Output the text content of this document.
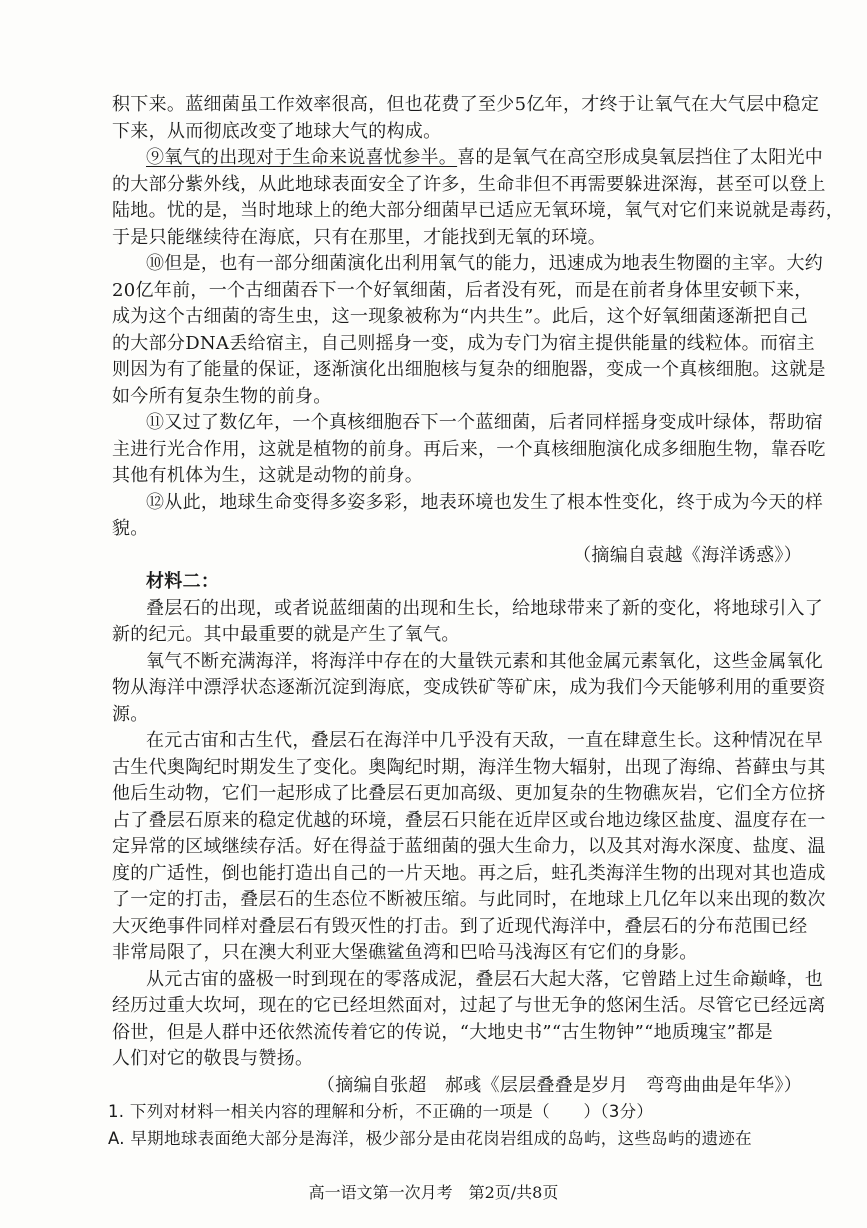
积下来。蓝细菌虽工作效率很高，但也花费了至少5亿年，才终于让氧气在大气层中稳定
下来，从而彻底改变了地球大气的构成。
⑨氧气的出现对于生命来说喜忧参半。喜的是氧气在高空形成臭氧层挡住了太阳光中
的大部分紫外线，从此地球表面安全了许多，生命非但不再需要躲进深海，甚至可以登上
陆地。忧的是，当时地球上的绝大部分细菌早已适应无氧环境，氧气对它们来说就是毒药，
于是只能继续待在海底，只有在那里，才能找到无氧的环境。
⑩但是，也有一部分细菌演化出利用氧气的能力，迅速成为地表生物圈的主宰。大约
20亿年前，一个古细菌吞下一个好氧细菌，后者没有死，而是在前者身体里安顿下来，
成为这个古细菌的寄生虫，这一现象被称为“内共生”。此后，这个好氧细菌逐渐把自己
的大部分DNA丢给宿主，自己则摇身一变，成为专门为宿主提供能量的线粒体。而宿主
则因为有了能量的保证，逐渐演化出细胞核与复杂的细胞器，变成一个真核细胞。这就是
如今所有复杂生物的前身。
⑪又过了数亿年，一个真核细胞吞下一个蓝细菌，后者同样摇身变成叶绿体，帮助宿
主进行光合作用，这就是植物的前身。再后来，一个真核细胞演化成多细胞生物，靠吞吃
其他有机体为生，这就是动物的前身。
⑫从此，地球生命变得多姿多彩，地表环境也发生了根本性变化，终于成为今天的样
貌。
（摘编自袁越《海洋诱惑》）
材料二：
叠层石的出现，或者说蓝细菌的出现和生长，给地球带来了新的变化，将地球引入了
新的纪元。其中最重要的就是产生了氧气。
氧气不断充满海洋，将海洋中存在的大量铁元素和其他金属元素氧化，这些金属氧化
物从海洋中漂浮状态逐渐沉淀到海底，变成铁矿等矿床，成为我们今天能够利用的重要资
源。
在元古宙和古生代，叠层石在海洋中几乎没有天敌，一直在肆意生长。这种情况在早
古生代奥陶纪时期发生了变化。奥陶纪时期，海洋生物大辐射，出现了海绵、苔藓虫与其
他后生动物，它们一起形成了比叠层石更加高级、更加复杂的生物礁灰岩，它们全方位挤
占了叠层石原来的稳定优越的环境，叠层石只能在近岸区或台地边缘区盐度、温度存在一
定异常的区域继续存活。好在得益于蓝细菌的强大生命力，以及其对海水深度、盐度、温
度的广适性，倒也能打造出自己的一片天地。再之后，蛀孔类海洋生物的出现对其也造成
了一定的打击，叠层石的生态位不断被压缩。与此同时，在地球上几亿年以来出现的数次
大灭绝事件同样对叠层石有毁灭性的打击。到了近现代海洋中，叠层石的分布范围已经
非常局限了，只在澳大利亚大堡礁鲨鱼湾和巴哈马浅海区有它们的身影。
从元古宙的盛极一时到现在的零落成泥，叠层石大起大落，它曾踏上过生命巅峰，也
经历过重大坎坷，现在的它已经坦然面对，过起了与世无争的悠闲生活。尽管它已经远离
俗世，但是人群中还依然流传着它的传说，“大地史书”“古生物钟”“地质瑰宝”都是
人们对它的敬畏与赞扬。
（摘编自张超　郝彧《层层叠叠是岁月　弯弯曲曲是年华》）
1. 下列对材料一相关内容的理解和分析，不正确的一项是（　　）（3分）
A. 早期地球表面绝大部分是海洋，极少部分是由花岗岩组成的岛屿，这些岛屿的遗迹在
高一语文第一次月考　第2页/共8页
